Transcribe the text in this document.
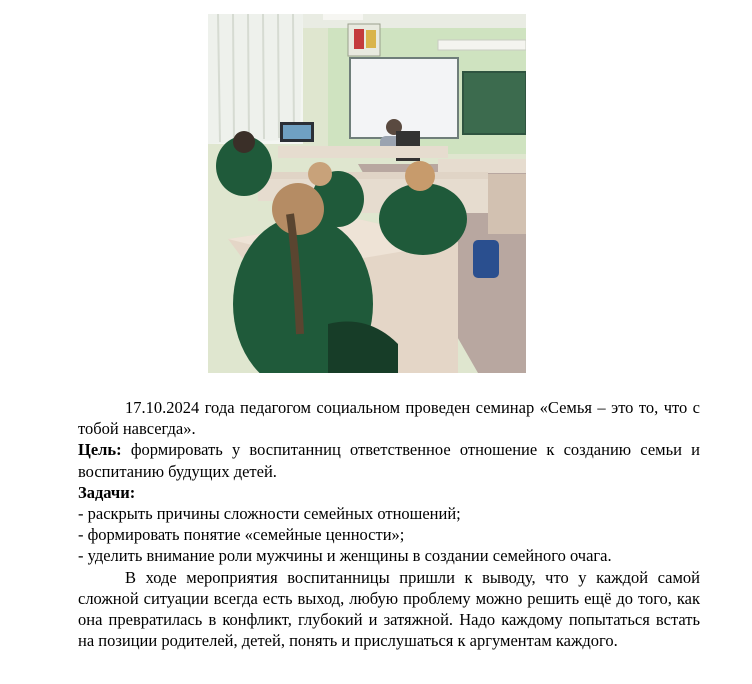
17.10.2024 года педагогом социальном проведен семинар «Семья – это то, что с тобой навсегда».

Цель: формировать у воспитанниц ответственное отношение к созданию семьи и воспитанию будущих детей.

Задачи:

- раскрыть причины сложности семейных отношений;

- формировать понятие «семейные ценности»;

- уделить внимание роли мужчины и женщины в создании семейного очага.

В ходе мероприятия воспитанницы пришли к выводу, что у каждой самой сложной ситуации всегда есть выход, любую проблему можно решить ещё до того, как она превратилась в конфликт, глубокий и затяжной. Надо каждому попытаться встать на позиции родителей, детей, понять и прислушаться к аргументам каждого.
